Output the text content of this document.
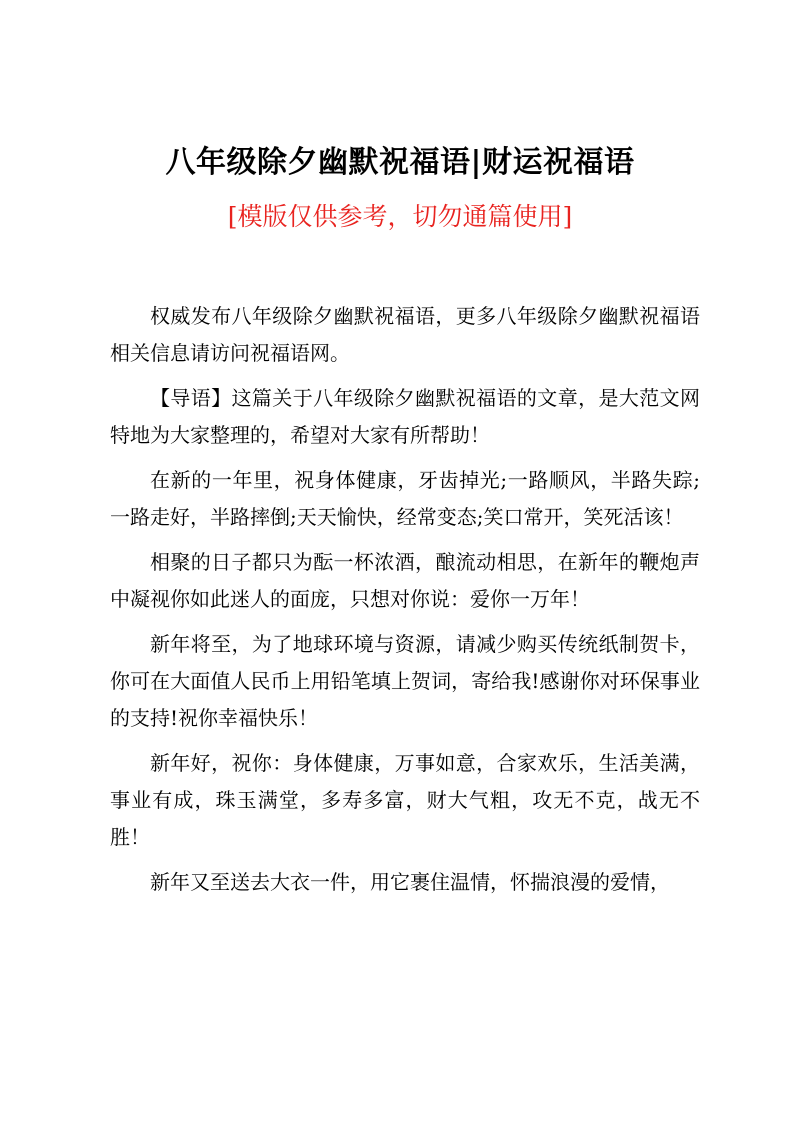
八年级除夕幽默祝福语|财运祝福语

[模版仅供参考，切勿通篇使用]

权威发布八年级除夕幽默祝福语，更多八年级除夕幽默祝福语相关信息请访问祝福语网。

【导语】这篇关于八年级除夕幽默祝福语的文章，是大范文网特地为大家整理的，希望对大家有所帮助！

在新的一年里，祝身体健康，牙齿掉光;一路顺风，半路失踪;一路走好，半路摔倒;天天愉快，经常变态;笑口常开，笑死活该！

相聚的日子都只为酝一杯浓酒，酿流动相思，在新年的鞭炮声中凝视你如此迷人的面庞，只想对你说：爱你一万年！

新年将至，为了地球环境与资源，请减少购买传统纸制贺卡，你可在大面值人民币上用铅笔填上贺词，寄给我!感谢你对环保事业的支持!祝你幸福快乐！

新年好，祝你：身体健康，万事如意，合家欢乐，生活美满，事业有成，珠玉满堂，多寿多富，财大气粗，攻无不克，战无不胜！

新年又至送去大衣一件，用它裹住温情，怀揣浪漫的爱情，
